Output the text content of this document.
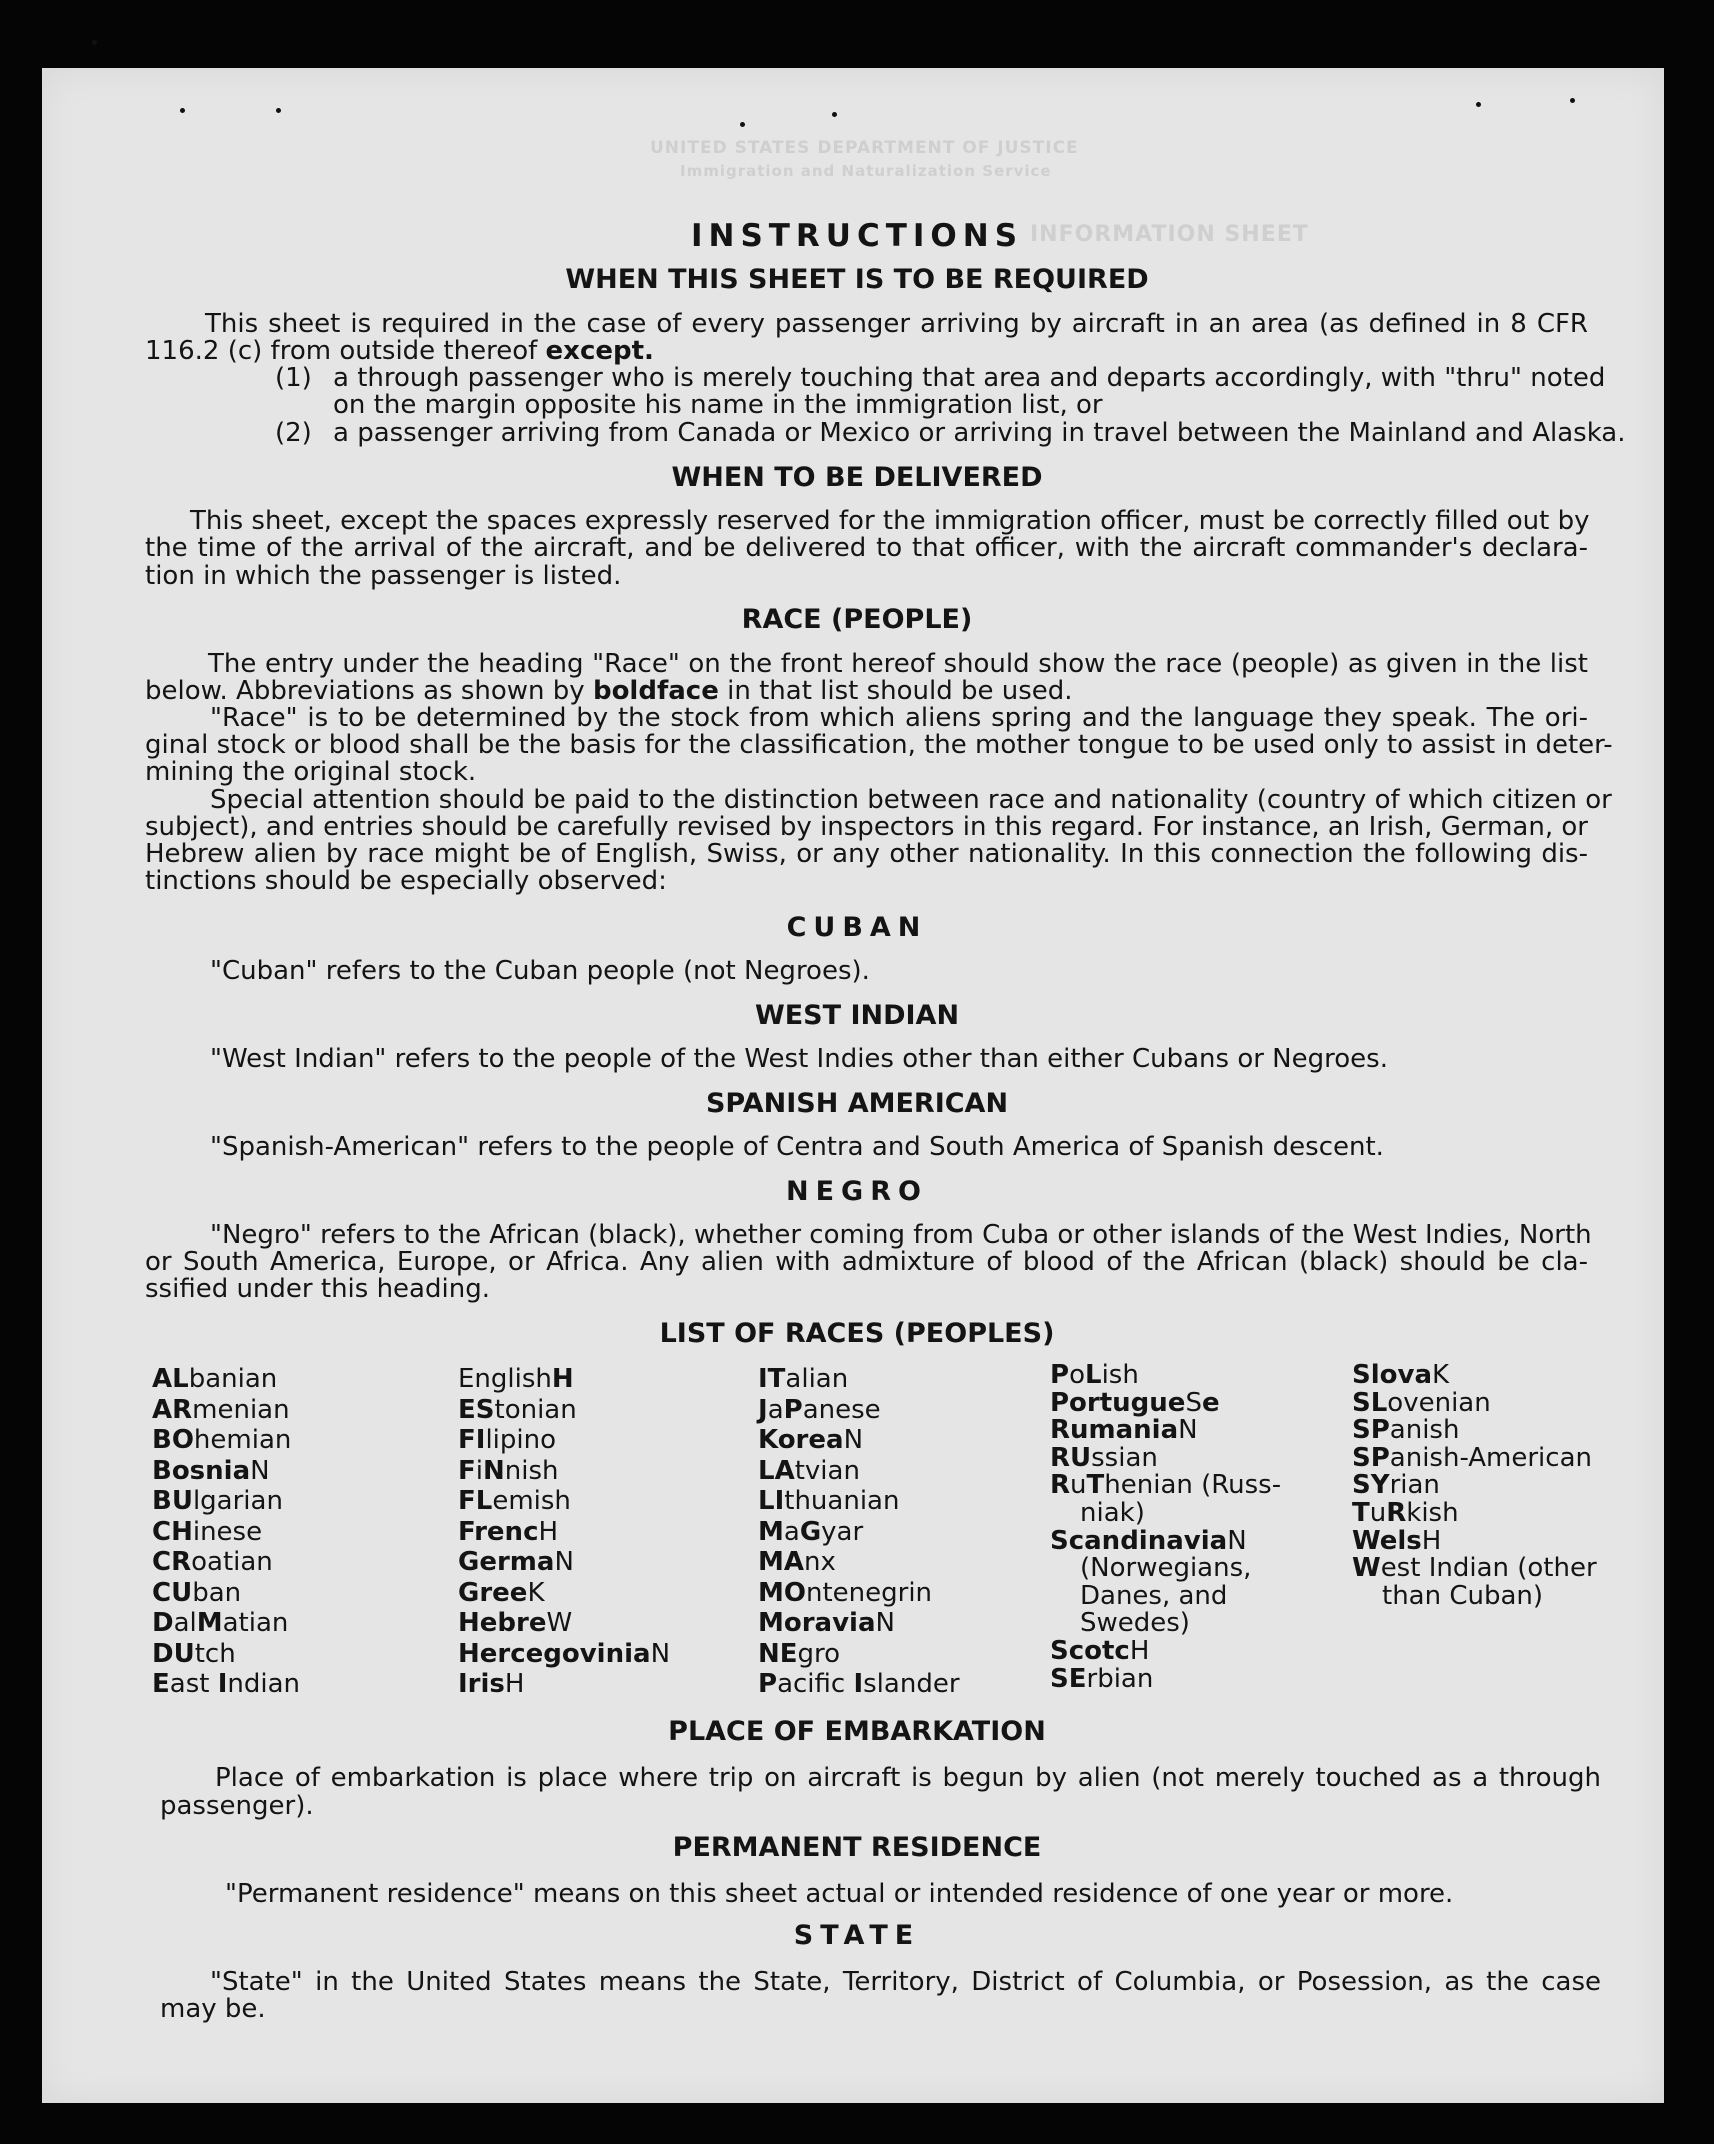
UNITED STATES DEPARTMENT OF JUSTICE
Immigration and Naturalization Service
INFORMATION SHEET
INSTRUCTIONS
WHEN THIS SHEET IS TO BE REQUIRED
This sheet is required in the case of every passenger arriving by aircraft in an area (as defined in 8 CFR
116.2 (c) from outside thereof except.
(1) a through passenger who is merely touching that area and departs accordingly, with "thru" noted
on the margin opposite his name in the immigration list, or
(2) a passenger arriving from Canada or Mexico or arriving in travel between the Mainland and Alaska.
WHEN TO BE DELIVERED
This sheet, except the spaces expressly reserved for the immigration officer, must be correctly filled out by
the time of the arrival of the aircraft, and be delivered to that officer, with the aircraft commander's declara-
tion in which the passenger is listed.
RACE (PEOPLE)
The entry under the heading "Race" on the front hereof should show the race (people) as given in the list
below. Abbreviations as shown by boldface in that list should be used.
"Race" is to be determined by the stock from which aliens spring and the language they speak. The ori-
ginal stock or blood shall be the basis for the classification, the mother tongue to be used only to assist in deter-
mining the original stock.
Special attention should be paid to the distinction between race and nationality (country of which citizen or
subject), and entries should be carefully revised by inspectors in this regard. For instance, an Irish, German, or
Hebrew alien by race might be of English, Swiss, or any other nationality. In this connection the following dis-
tinctions should be especially observed:
CUBAN
"Cuban" refers to the Cuban people (not Negroes).
WEST INDIAN
"West Indian" refers to the people of the West Indies other than either Cubans or Negroes.
SPANISH AMERICAN
"Spanish-American" refers to the people of Centra and South America of Spanish descent.
NEGRO
"Negro" refers to the African (black), whether coming from Cuba or other islands of the West Indies, North
or South America, Europe, or Africa. Any alien with admixture of blood of the African (black) should be cla-
ssified under this heading.
LIST OF RACES (PEOPLES)
ALbanian
ARmenian
BOhemian
BosniaN
BUlgarian
CHinese
CRoatian
CUban
DalMatian
DUtch
East Indian
EnglishH
EStonian
FIlipino
FiNnish
FLemish
FrencH
GermaN
GreeK
HebreW
HercegoviniaN
IrisH
ITalian
JaPanese
KoreaN
LAtvian
LIthuanian
MaGyar
MAnx
MOntenegrin
MoraviaN
NEgro
Pacific Islander
PoLish
PortugueSe
RumaniaN
RUssian
RuThenian (Russ-
niak)
ScandinaviaN
(Norwegians,
Danes, and
Swedes)
ScotcH
SErbian
SlovaK
SLovenian
SPanish
SPanish-American
SYrian
TuRkish
WelsH
West Indian (other
than Cuban)
PLACE OF EMBARKATION
Place of embarkation is place where trip on aircraft is begun by alien (not merely touched as a through
passenger).
PERMANENT RESIDENCE
"Permanent residence" means on this sheet actual or intended residence of one year or more.
STATE
"State" in the United States means the State, Territory, District of Columbia, or Posession, as the case
may be.
